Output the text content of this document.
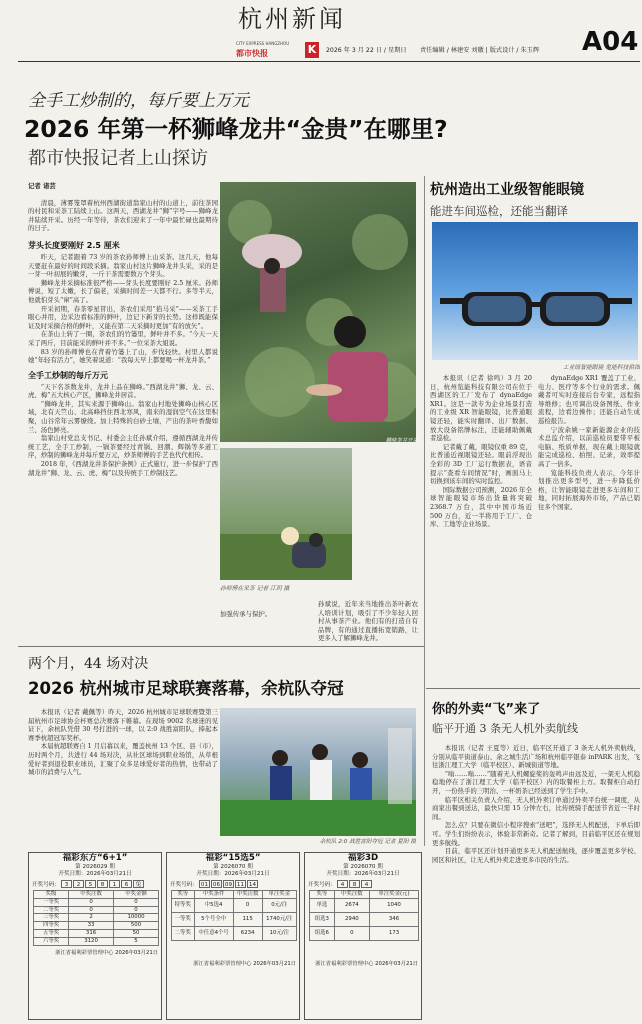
杭州新闻
CITY EXPRESS HANGZHOU
都市快报	K	2026 年 3 月 22 日 / 星期日	责任编辑 / 林建安 刘徽 | 版式设计 / 朱玉辉	A04
全手工炒制的，每斤要上万元
2026 年第一杯狮峰龙井“金贵”在哪里?
都市快报记者上山探访
记者 诸芸

清晨，薄雾笼罩着杭州西湖街道翁家山村的山道上，前往茶园的村民和采茶工陆续上山。这两天，西湖龙井“狮”字号——狮峰龙井陆续开采。历经一年等待，茶农们迎来了一年中最忙碌也最期待的日子。

芽头长度要刚好 2.5 厘米

昨天，记者跟着 73 岁的茶农孙师傅上山采茶。这几天，他每天要赶在最好的时间段采摘。翁家山村这片狮峰龙井头采，采的是一芽一叶初展的嫩芽，一斤干茶需要数万个芽头。

狮峰龙井采摘标准很严格——芽头长度要刚好 2.5 厘米。孙师傅说，短了太嫩，长了偏老，采摘时间差一天都不行。多等半天，他就怕芽头“窜”高了。

开采初期，春茶零星冒出，茶农们采用“掐马采”——采茶工手眼心并用，边采边看标准的鲜叶，边记下新芽的长势。这样既能保证及时采摘合格的鲜叶，又能在第二天采摘时更加“有的放矢”。

在茶山上转了一圈，茶农们的竹篓里，鲜叶并不多。“今天一天采了两斤，目前能采的鲜叶并不多。”一位采茶大姐说。

83 岁的孙师傅也在背着竹篓上了山，步伐轻快。村里人都说她“年轻有活力”，她笑着说道：“我每天早上都要喝一杯龙井茶。”

全手工炒制的每斤万元

“天下名茶数龙井，龙井上品在狮峰。”西湖龙井“狮、龙、云、虎、梅”五大核心产区，狮峰龙井居首。

“狮峰龙井，其实来源于狮峰山。翁家山村地处狮峰山核心区域，北有天竺山、北高峰挡住西北寒风，南来的湿润空气在这里积聚，山谷常年云雾缭绕。加上特殊的白砂土壤，产出的茶叶香馥如兰、汤色鲜亮。

翁家山村党总支书记、村委会主任孙斌介绍，遵循西湖龙井传统工艺，全手工炒制，一锅茶要经过青锅、回潮、辉锅等多道工序，炒制的狮峰龙井每斤要万元，炒茶师傅的手艺也代代相传。

2018 年，《西湖龙井茶保护条例》正式施行，进一步保护了西湖龙井“狮、龙、云、虎、梅”以及传统手工炒制技艺。

狮峰龙井开采
孙师傅在采茶 记者 江玥 摄

加强传承与保护。

孙斌说，近年来当地推出茶叶新农人培训计划，吸引了不少年轻人回村从事茶产业。他们有的打造自有品牌，有的通过直播拓宽销路，让更多人了解狮峰龙井。

杭州造出工业级智能眼镜
能进车间巡检，还能当翻译
工业级智能眼镜 览能科技供图

本报讯（记者 徐鸣）3 月 20 日，杭州览能科技有限公司在位于西湖区的工厂发布了 dynaEdge XR1。这是一款专为企业场景打造的工业级 XR 智能眼镜，比普通眼镜还轻，能实时翻译、出厂数据、放大设备铭牌标注，还能辅助佩戴者巡检。

记者戴了戴，眼镜仅重 89 克，比普通近视眼镜还轻。眼前浮现出全彩的 3D 工厂运行数据表，语音提示“查看车间情况”时，画面马上切换到该车间的实时监控。

国际数据公司预测，2026 年全球智能眼镜市场出货量将突破 2368.7 万台，其中中国市场近 500 万台，近一半将用于工厂、仓库、工地等企业场景。

dynaEdge XR1 覆盖了工业、电力、医疗等多个行业的需求。佩戴者可实时连接后台专家，远程指导维修；也可调出设备图纸、作业流程，边看边操作；还能自动生成巡检报告。

宁波余姚一家新能源企业的技术总监介绍，以前巡检员要带平板电脑、纸质单据，现在戴上眼镜就能完成巡检、拍照、记录，效率提高了一倍多。

览能科技负责人表示，今年计划推出更多型号，进一步降低价格，让智能眼镜走进更多车间和工地，同时拓展海外市场，产品已销往多个国家。

两个月，44 场对决
2026 杭州城市足球联赛落幕，余杭队夺冠

本报讯（记者 戴佩等）昨天，2026 杭州城市足球联赛暨第三届杭州市足球协会杯赛总决赛落下帷幕。在现场 9002 名球迷的见证下，余杭队凭借 30 号打进的一球，以 2:0 战胜富阳队，捧起本赛季杭超冠军奖杯。

本届杭超联赛自 1 月启幕以来，覆盖杭州 13 个区、县（市），历时两个月，共进行 44 场对决，从社区球场到职业场馆，从草根爱好者到退役职业球员，汇聚了众多足球爱好者的热情，也带动了城市的消费与人气。

余杭队 2:0 战胜富阳夺冠 记者 夏阳 摄
你的外卖“飞”来了
临平开通 3 条无人机外卖航线

本报讯（记者 王夏等）近日，临平区开通了 3 条无人机外卖航线，分别从临平街道泰山、余之城生活广场和杭州临平银泰 inPARK 出发，飞往浙江理工大学（临平校区）、新城街道等地。

“嗡……嗡……”随着无人机螺旋桨的轰鸣声由远及近，一架无人机稳稳地停在了浙江理工大学（临平校区）内的取餐柜上方。取餐柜自动打开，一份热乎的三明治、一杯奶茶已经送到了学生手中。

临平区相关负责人介绍，无人机外卖订单通过外卖平台统一调度，从商家出餐到送达，最快只需 15 分钟左右，比传统骑手配送节省近一半时间。

怎么点？只要在微信小程序搜索“送吧”，选择无人机配送，下单后即可。学生们纷纷表示，体验非常新奇。记者了解到，目前临平区还在规划更多航线。

目前，临平区还计划开通更多无人机配送航线，逐步覆盖更多学校、园区和社区，让无人机外卖走进更多市民的生活。

福彩东方“6+1”
第 2026029 期
开奖日期：2026年03月21日
开奖号码： 3	2	5	8	1	6	兔
奖级	中奖注数	中奖金额
一等奖	0	0
二等奖	0	0
三等奖	2	10000
四等奖	33	500
五等奖	316	50
六等奖	3120	5
浙江省福利彩票管理中心 2026年03月21日
福彩“15选5”
第 2026070 期
开奖日期：2026年03月21日
开奖号码： 01 06 09 11 14
奖等	中奖条件	中奖注数	单注奖金
特等奖	中5选4	0	0元/注
一等奖	5个号全中	115	1740元/注
二等奖	中任意4个号	6234	10元/注
浙江省福利彩票管理中心 2026年03月21日
福彩3D
第 2026070 期
开奖日期：2026年03月21日
开奖号码： 4	8	4
奖等	中奖注数	单注奖金(元)
单选	2674	1040
组选3	2940	346
组选6	0	173
浙江省福利彩票管理中心 2026年03月21日
